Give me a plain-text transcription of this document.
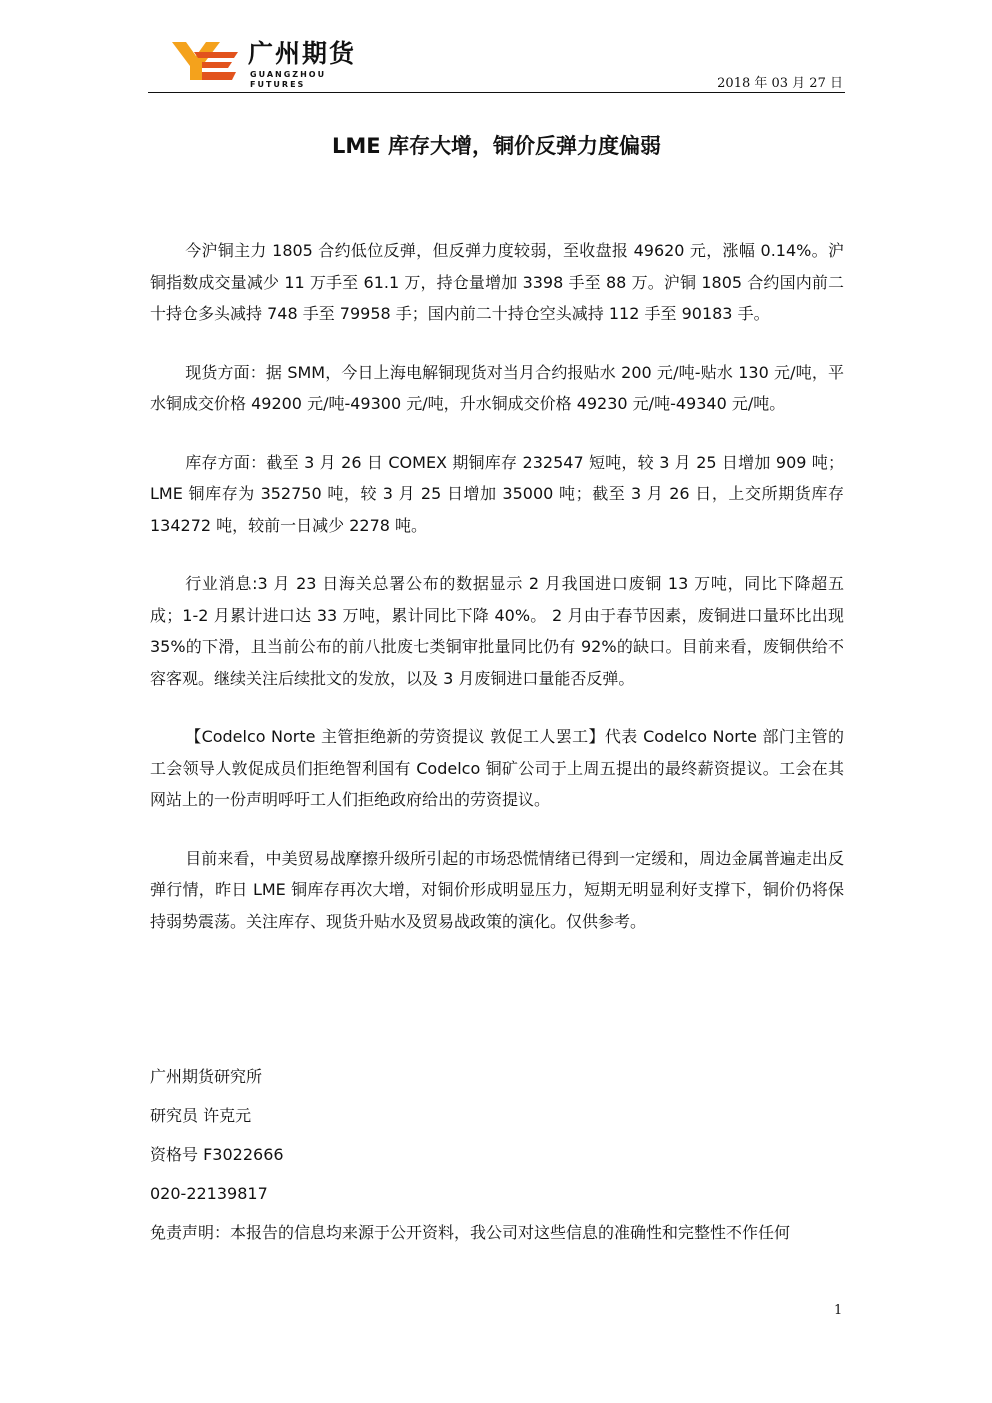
广州期货
GUANGZHOU FUTURES	2018 年 03 月 27 日
LME 库存大增，铜价反弹力度偏弱

今沪铜主力 1805 合约低位反弹，但反弹力度较弱，至收盘报 49620 元，涨幅 0.14%。沪铜指数成交量减少 11 万手至 61.1 万，持仓量增加 3398 手至 88 万。沪铜 1805 合约国内前二十持仓多头减持 748 手至 79958 手；国内前二十持仓空头减持 112 手至 90183 手。

现货方面：据 SMM，今日上海电解铜现货对当月合约报贴水 200 元/吨-贴水 130 元/吨，平水铜成交价格 49200 元/吨-49300 元/吨，升水铜成交价格 49230 元/吨-49340 元/吨。

库存方面：截至 3 月 26 日 COMEX 期铜库存 232547 短吨，较 3 月 25 日增加 909 吨；LME 铜库存为 352750 吨，较 3 月 25 日增加 35000 吨；截至 3 月 26 日，上交所期货库存 134272 吨，较前一日减少 2278 吨。

行业消息:3 月 23 日海关总署公布的数据显示 2 月我国进口废铜 13 万吨，同比下降超五成；1-2 月累计进口达 33 万吨，累计同比下降 40%。 2 月由于春节因素，废铜进口量环比出现 35%的下滑，且当前公布的前八批废七类铜审批量同比仍有 92%的缺口。目前来看，废铜供给不容客观。继续关注后续批文的发放，以及 3 月废铜进口量能否反弹。

【Codelco Norte 主管拒绝新的劳资提议 敦促工人罢工】代表 Codelco Norte 部门主管的工会领导人敦促成员们拒绝智利国有 Codelco 铜矿公司于上周五提出的最终薪资提议。工会在其网站上的一份声明呼吁工人们拒绝政府给出的劳资提议。

目前来看，中美贸易战摩擦升级所引起的市场恐慌情绪已得到一定缓和，周边金属普遍走出反弹行情，昨日 LME 铜库存再次大增，对铜价形成明显压力，短期无明显利好支撑下，铜价仍将保持弱势震荡。关注库存、现货升贴水及贸易战政策的演化。仅供参考。

广州期货研究所
研究员 许克元
资格号 F3022666
020-22139817
免责声明：本报告的信息均来源于公开资料，我公司对这些信息的准确性和完整性不作任何
1
